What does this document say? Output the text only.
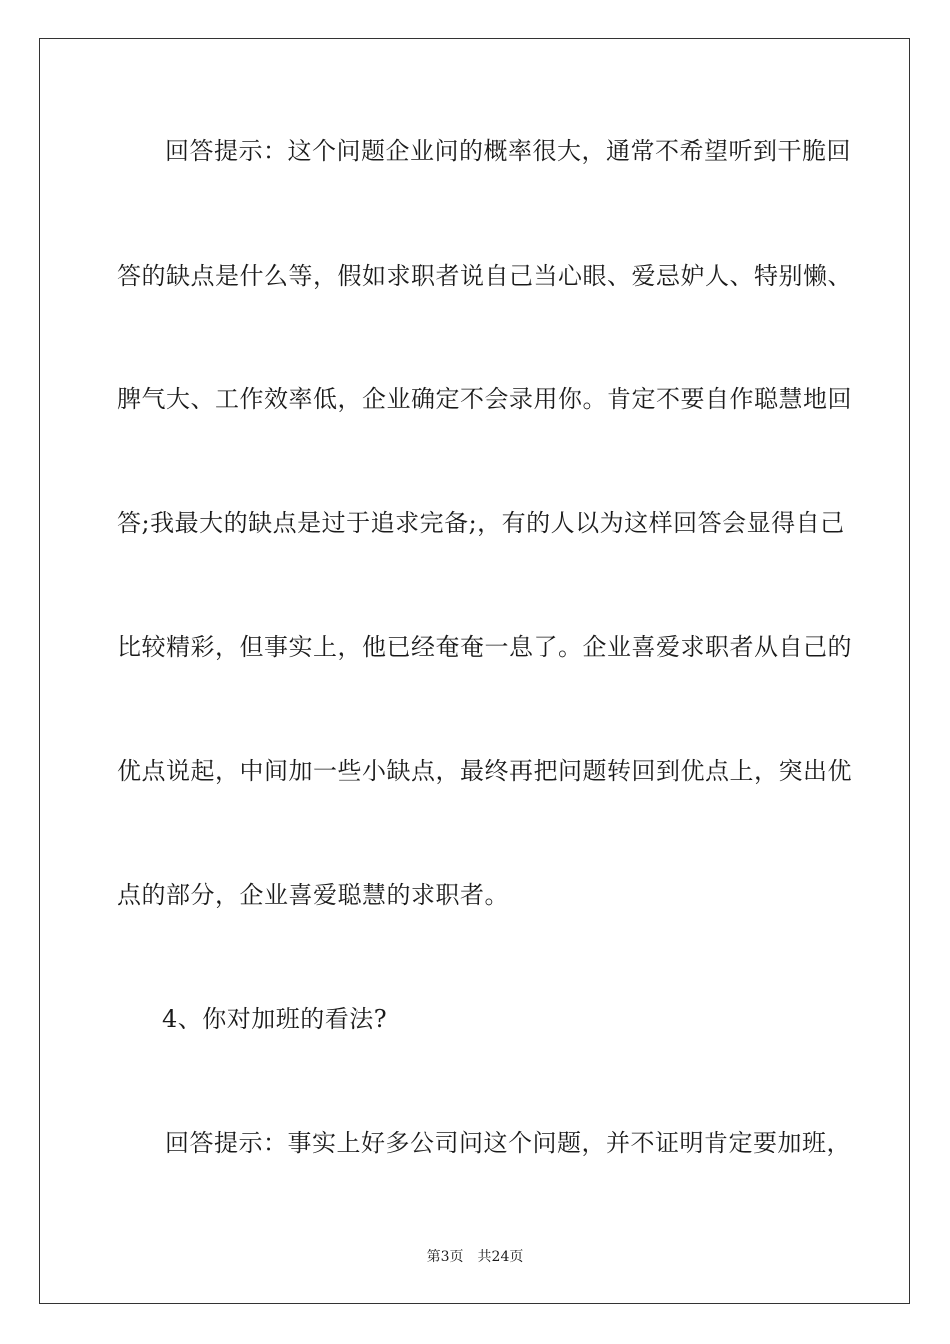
回答提示：这个问题企业问的概率很大，通常不希望听到干脆回
答的缺点是什么等，假如求职者说自己当心眼、爱忌妒人、特别懒、
脾气大、工作效率低，企业确定不会录用你。肯定不要自作聪慧地回
答;我最大的缺点是过于追求完备;，有的人以为这样回答会显得自己
比较精彩，但事实上，他已经奄奄一息了。企业喜爱求职者从自己的
优点说起，中间加一些小缺点，最终再把问题转回到优点上，突出优
点的部分，企业喜爱聪慧的求职者。
4、你对加班的看法?
回答提示：事实上好多公司问这个问题，并不证明肯定要加班，
第3页 共24页
